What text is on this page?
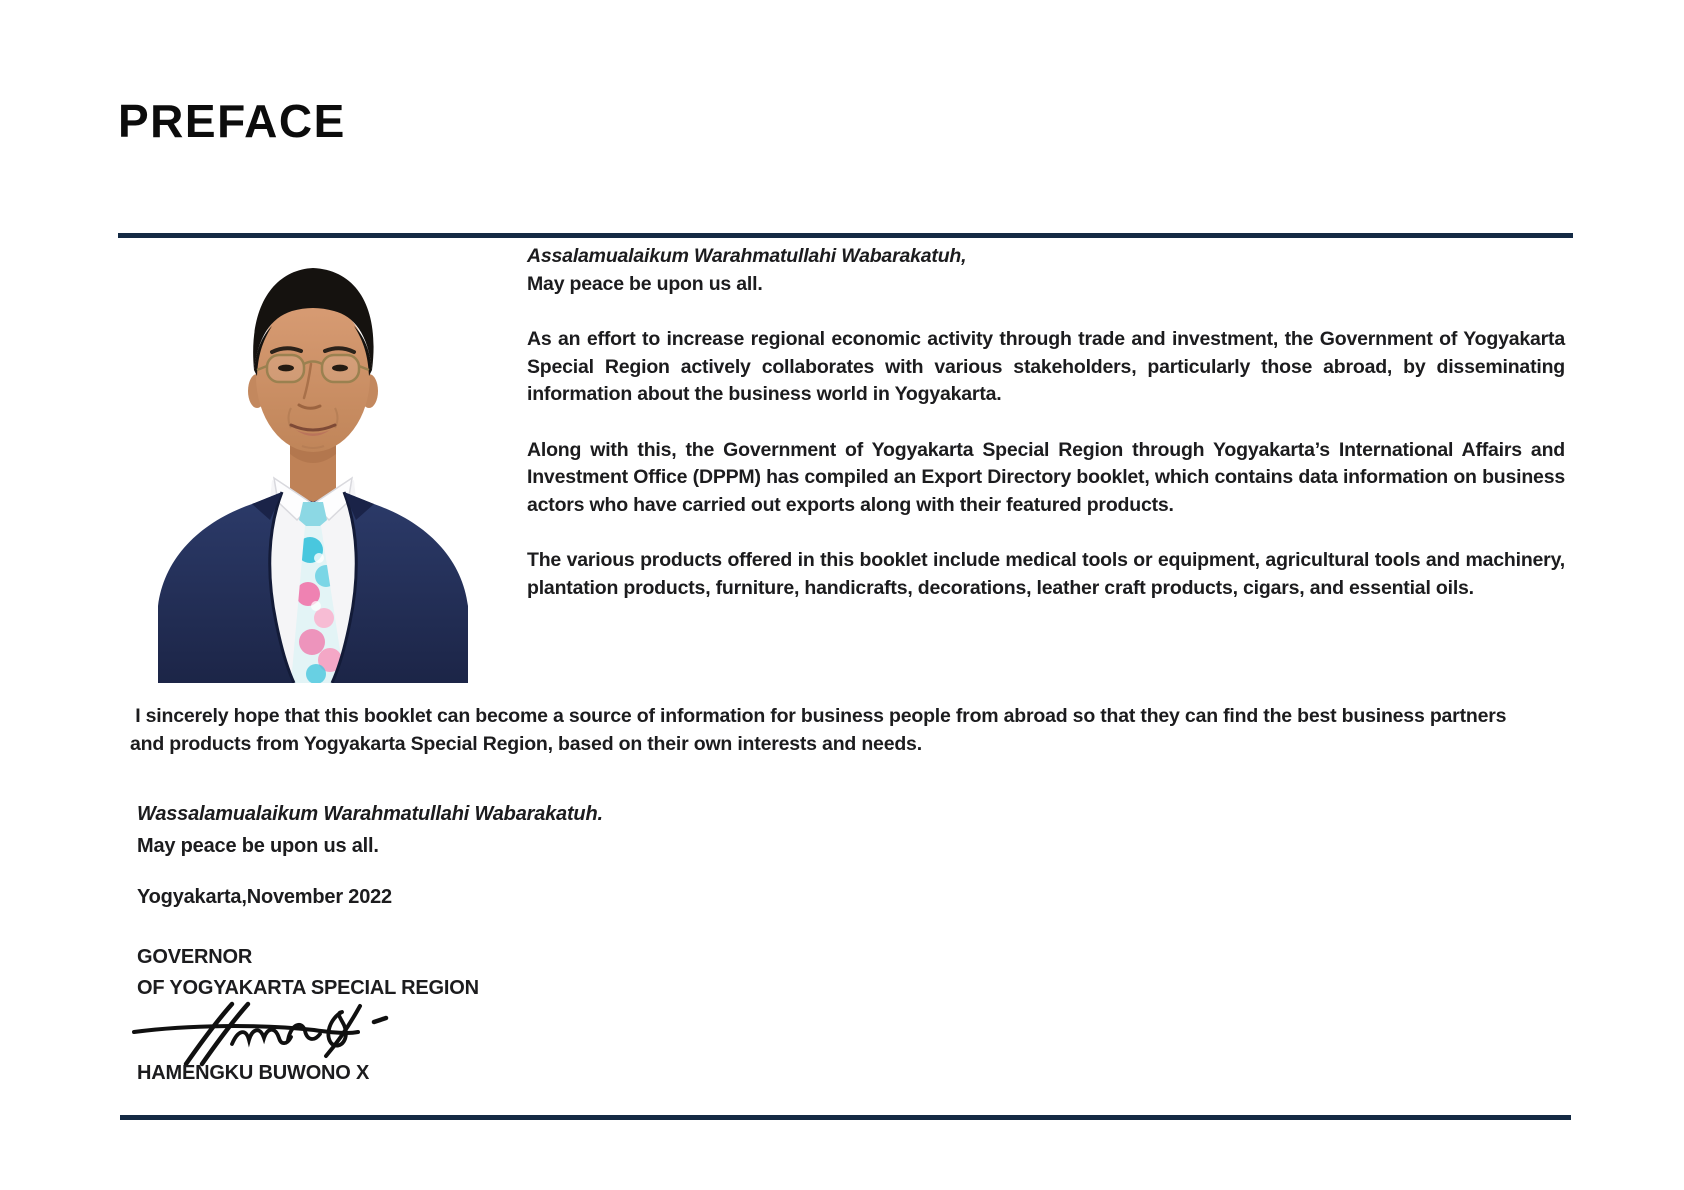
PREFACE

Assalamualaikum Warahmatullahi Wabarakatuh,
May peace be upon us all.

As an effort to increase regional economic activity through trade and investment, the Government of Yogyakarta Special Region actively collaborates with various stakeholders, particularly those abroad, by disseminating information about the business world in Yogyakarta.

Along with this, the Government of Yogyakarta Special Region through Yogyakarta’s International Affairs and Investment Office (DPPM) has compiled an Export Directory booklet, which contains data information on business actors who have carried out exports along with their featured products.

The various products offered in this booklet include medical tools or equipment, agricultural tools and machinery, plantation products, furniture, handicrafts, decorations, leather craft products, cigars, and essential oils.

I sincerely hope that this booklet can become a source of information for business people from abroad so that they can find the best business partners and products from Yogyakarta Special Region, based on their own interests and needs.

Wassalamualaikum Warahmatullahi Wabarakatuh.
May peace be upon us all.
Yogyakarta,November 2022
GOVERNOR
OF YOGYAKARTA SPECIAL REGION
HAMENGKU BUWONO X
